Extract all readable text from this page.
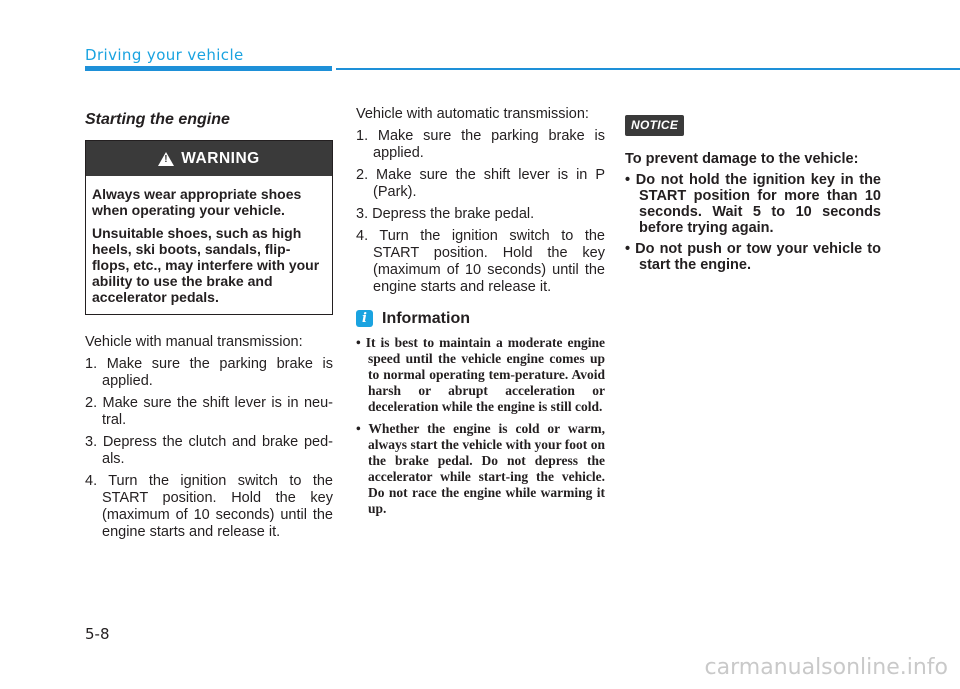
Driving your vehicle
Starting the engine
!
WARNING

Always wear appropriate shoes when operating your vehicle.

Unsuitable shoes, such as high heels, ski boots, sandals, flip-flops, etc., may interfere with your ability to use the brake and accelerator pedals.

Vehicle with manual transmission:

1. Make sure the parking brake is applied.
2. Make sure the shift lever is in neu-tral.
3. Depress the clutch and brake ped-als.
4. Turn the ignition switch to the START position. Hold the key (maximum of 10 seconds) until the engine starts and release it.

Vehicle with automatic transmission:

1. Make sure the parking brake is applied.
2. Make sure the shift lever is in P (Park).
3. Depress the brake pedal.
4. Turn the ignition switch to the START position. Hold the key (maximum of 10 seconds) until the engine starts and release it.
i Information
• It is best to maintain a moderate engine speed until the vehicle engine comes up to normal operating tem-perature. Avoid harsh or abrupt acceleration or deceleration while the engine is still cold.
• Whether the engine is cold or warm, always start the vehicle with your foot on the brake pedal. Do not depress the accelerator while start-ing the vehicle. Do not race the engine while warming it up.
NOTICE

To prevent damage to the vehicle:

• Do not hold the ignition key in the START position for more than 10 seconds. Wait 5 to 10 seconds before trying again.
• Do not push or tow your vehicle to start the engine.
5-8
carmanualsonline.info
